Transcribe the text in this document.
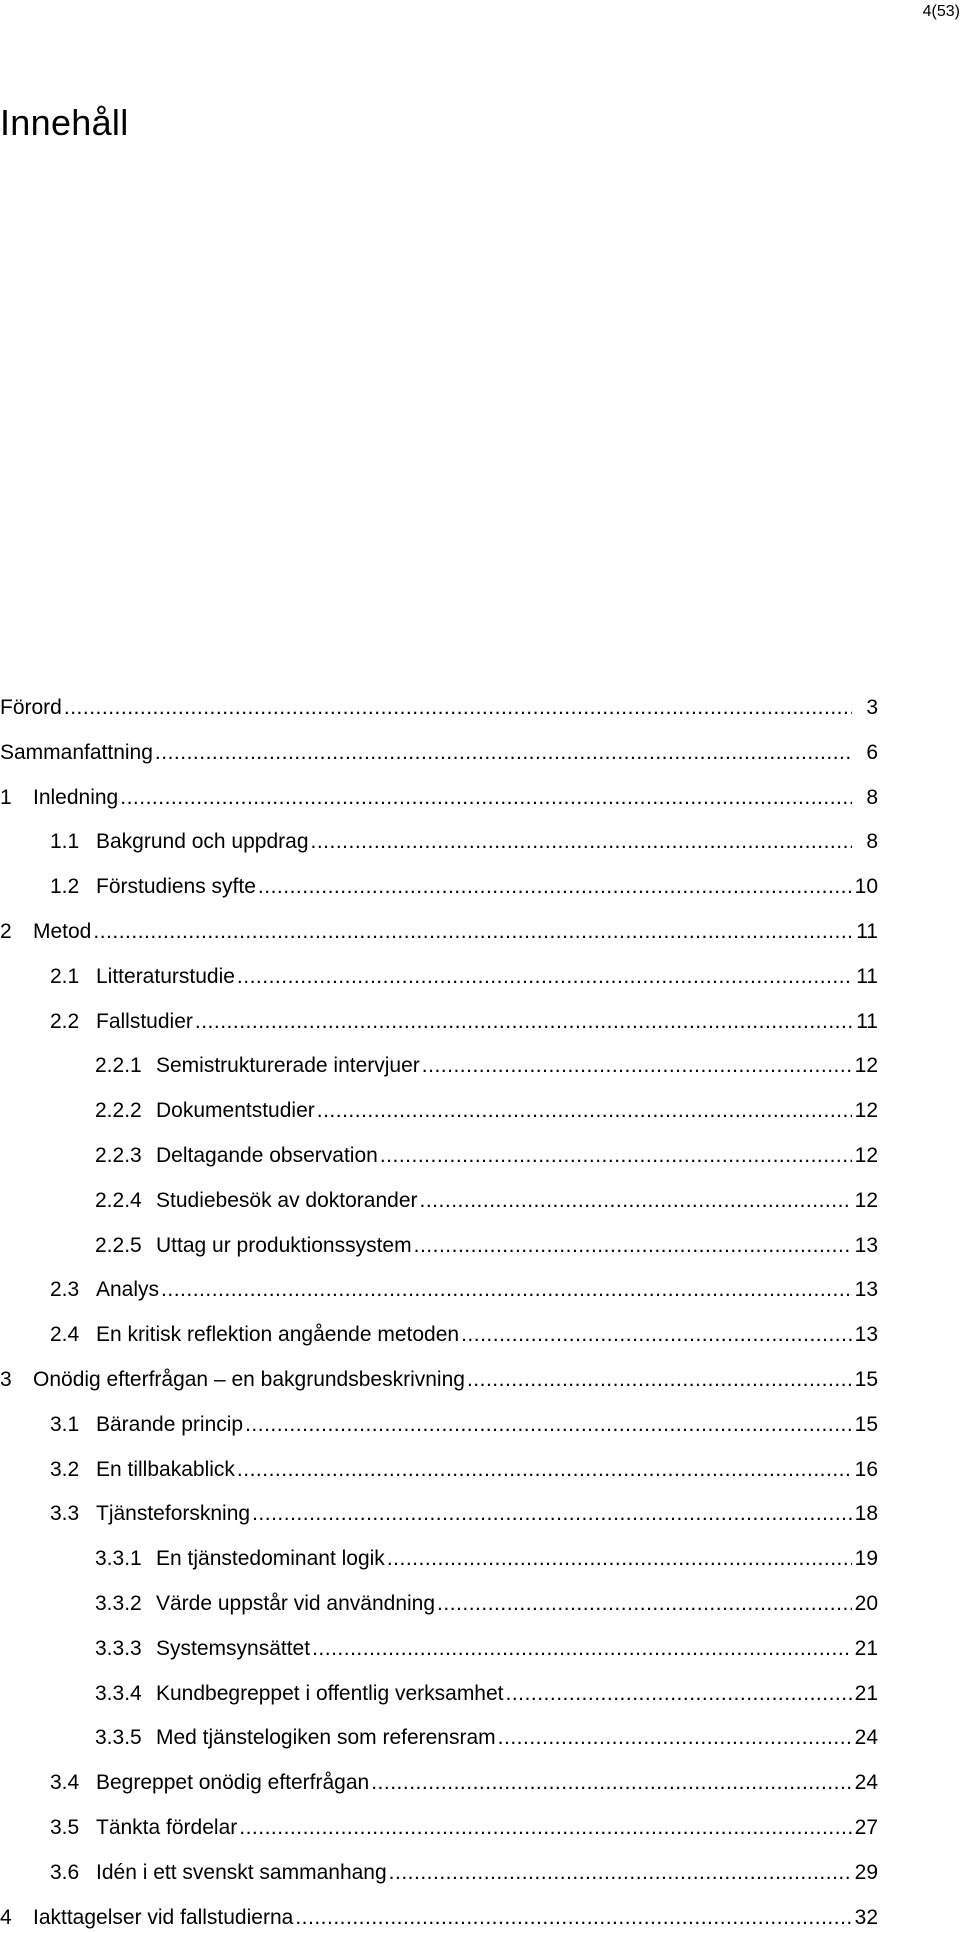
4(53)
Innehåll
Förord .....	3
Sammanfattning .....	6
1	Inledning .....	8
1.1 Bakgrund och uppdrag .....	8
1.2 Förstudiens syfte .....	10
2	Metod .....	11
2.1 Litteraturstudie .....	11
2.2 Fallstudier .....	11
2.2.1 Semistrukturerade intervjuer .....	12
2.2.2 Dokumentstudier .....	12
2.2.3 Deltagande observation .....	12
2.2.4 Studiebesök av doktorander .....	12
2.2.5 Uttag ur produktionssystem .....	13
2.3 Analys .....	13
2.4 En kritisk reflektion angående metoden .....	13
3	Onödig efterfrågan – en bakgrundsbeskrivning .....	15
3.1 Bärande princip .....	15
3.2 En tillbakablick .....	16
3.3 Tjänsteforskning .....	18
3.3.1 En tjänstedominant logik .....	19
3.3.2 Värde uppstår vid användning .....	20
3.3.3 Systemsynsättet .....	21
3.3.4 Kundbegreppet i offentlig verksamhet .....	21
3.3.5 Med tjänstelogiken som referensram .....	24
3.4 Begreppet onödig efterfrågan .....	24
3.5 Tänkta fördelar .....	27
3.6 Idén i ett svenskt sammanhang .....	29
4	Iakttagelser vid fallstudierna .....	32
